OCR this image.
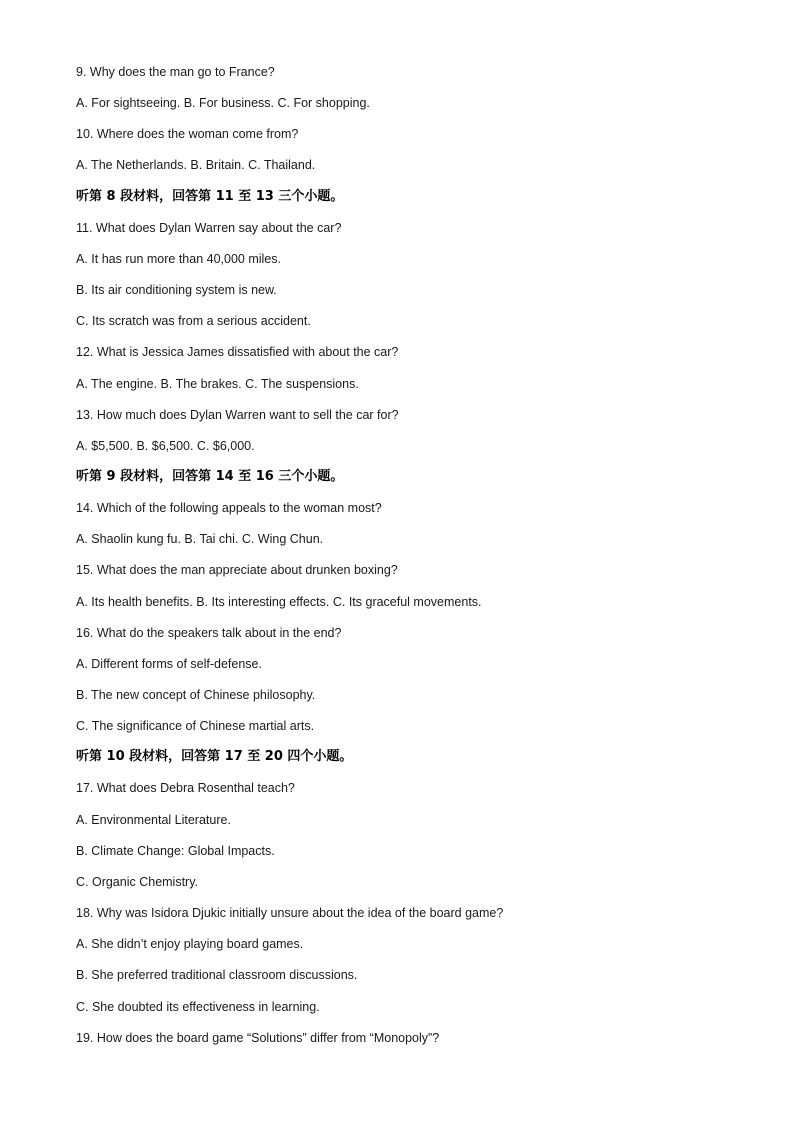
9. Why does the man go to France?
A. For sightseeing. B. For business. C. For shopping.
10. Where does the woman come from?
A. The Netherlands. B. Britain. C. Thailand.
听第 8 段材料，回答第 11 至 13 三个小题。
11. What does Dylan Warren say about the car?
A. It has run more than 40,000 miles.
B. Its air conditioning system is new.
C. Its scratch was from a serious accident.
12. What is Jessica James dissatisfied with about the car?
A. The engine. B. The brakes. C. The suspensions.
13. How much does Dylan Warren want to sell the car for?
A. $5,500. B. $6,500. C. $6,000.
听第 9 段材料，回答第 14 至 16 三个小题。
14. Which of the following appeals to the woman most?
A. Shaolin kung fu. B. Tai chi. C. Wing Chun.
15. What does the man appreciate about drunken boxing?
A. Its health benefits. B. Its interesting effects. C. Its graceful movements.
16. What do the speakers talk about in the end?
A. Different forms of self-defense.
B. The new concept of Chinese philosophy.
C. The significance of Chinese martial arts.
听第 10 段材料，回答第 17 至 20 四个小题。
17. What does Debra Rosenthal teach?
A. Environmental Literature.
B. Climate Change: Global Impacts.
C. Organic Chemistry.
18. Why was Isidora Djukic initially unsure about the idea of the board game?
A. She didn’t enjoy playing board games.
B. She preferred traditional classroom discussions.
C. She doubted its effectiveness in learning.
19. How does the board game “Solutions” differ from “Monopoly”?
